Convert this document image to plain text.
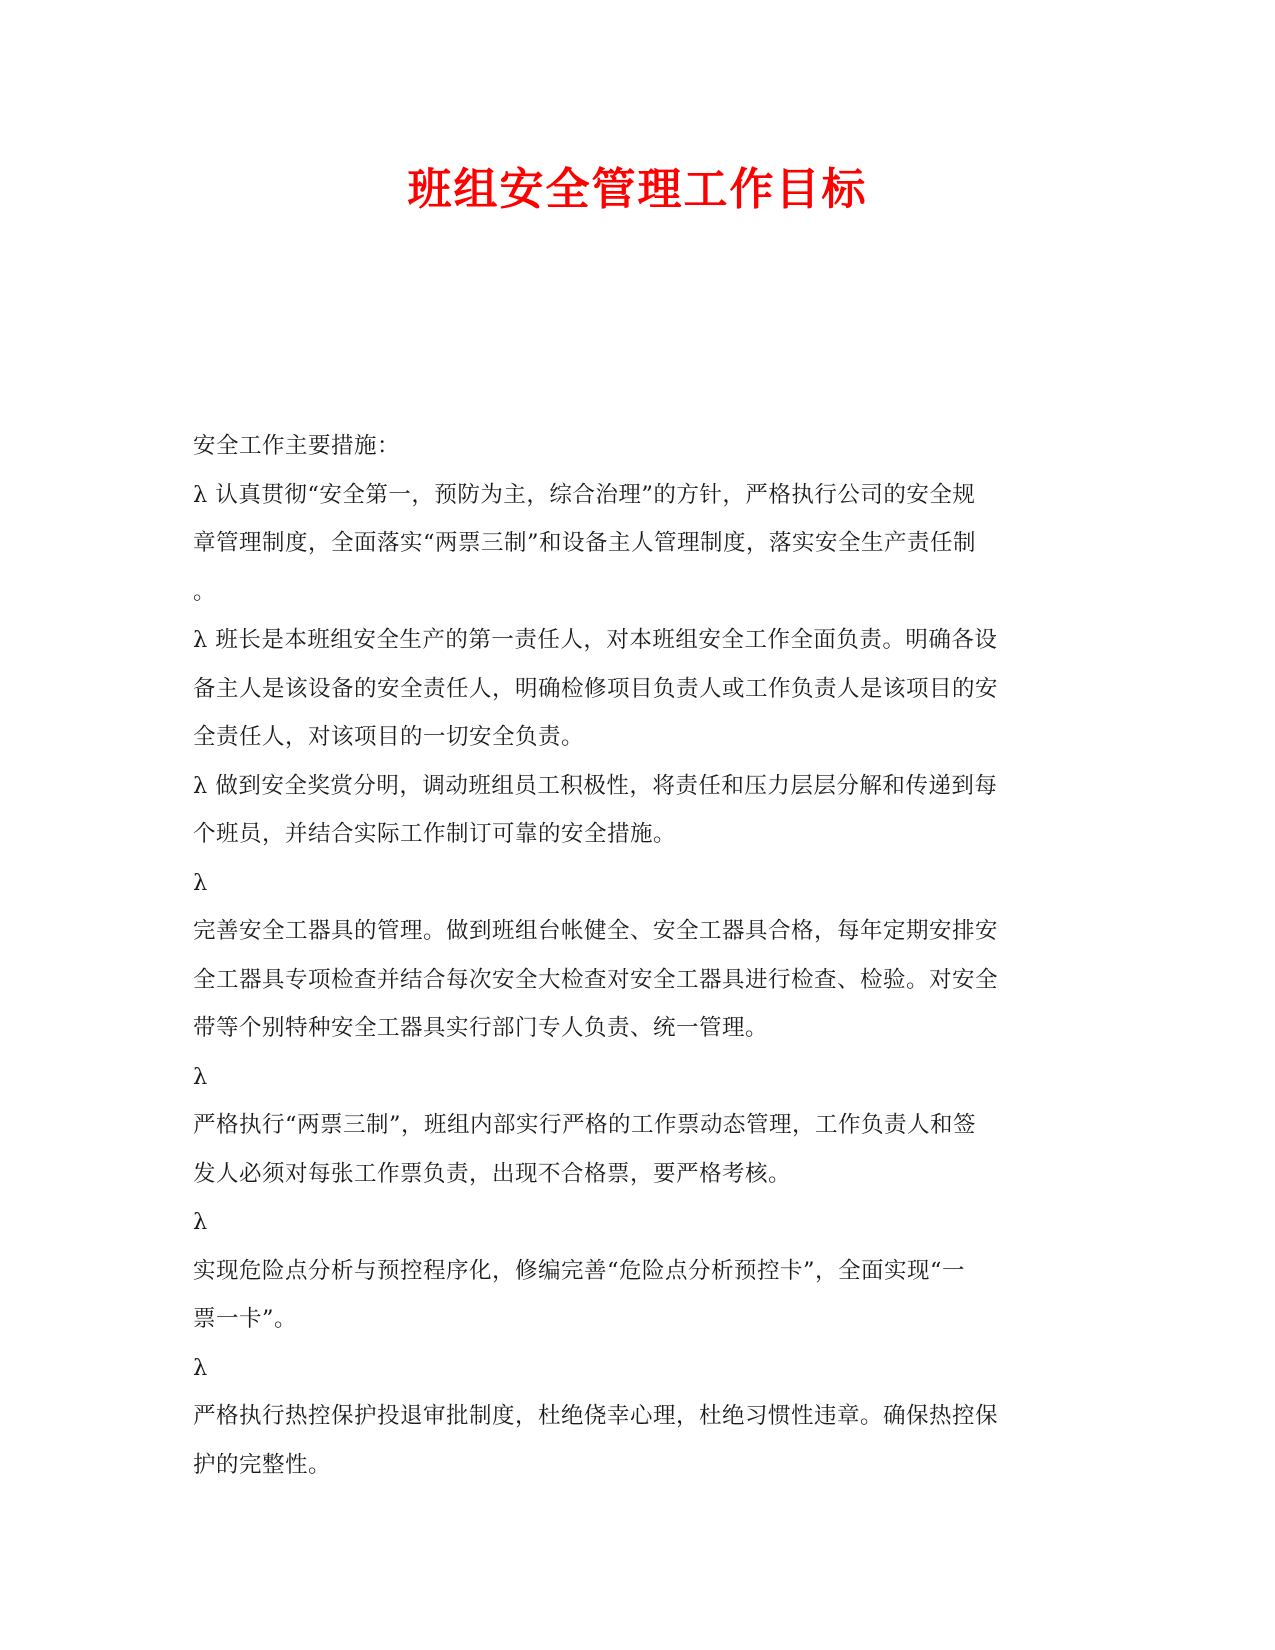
班组安全管理工作目标

安全工作主要措施：

λ 认真贯彻“安全第一，预防为主，综合治理”的方针，严格执行公司的安全规

章管理制度，全面落实“两票三制”和设备主人管理制度，落实安全生产责任制

。

λ 班长是本班组安全生产的第一责任人，对本班组安全工作全面负责。明确各设

备主人是该设备的安全责任人，明确检修项目负责人或工作负责人是该项目的安

全责任人，对该项目的一切安全负责。

λ 做到安全奖赏分明，调动班组员工积极性，将责任和压力层层分解和传递到每

个班员，并结合实际工作制订可靠的安全措施。

λ

完善安全工器具的管理。做到班组台帐健全、安全工器具合格，每年定期安排安

全工器具专项检查并结合每次安全大检查对安全工器具进行检查、检验。对安全

带等个别特种安全工器具实行部门专人负责、统一管理。

λ

严格执行“两票三制”，班组内部实行严格的工作票动态管理，工作负责人和签

发人必须对每张工作票负责，出现不合格票，要严格考核。

λ

实现危险点分析与预控程序化，修编完善“危险点分析预控卡”，全面实现“一

票一卡”。

λ

严格执行热控保护投退审批制度，杜绝侥幸心理，杜绝习惯性违章。确保热控保

护的完整性。
